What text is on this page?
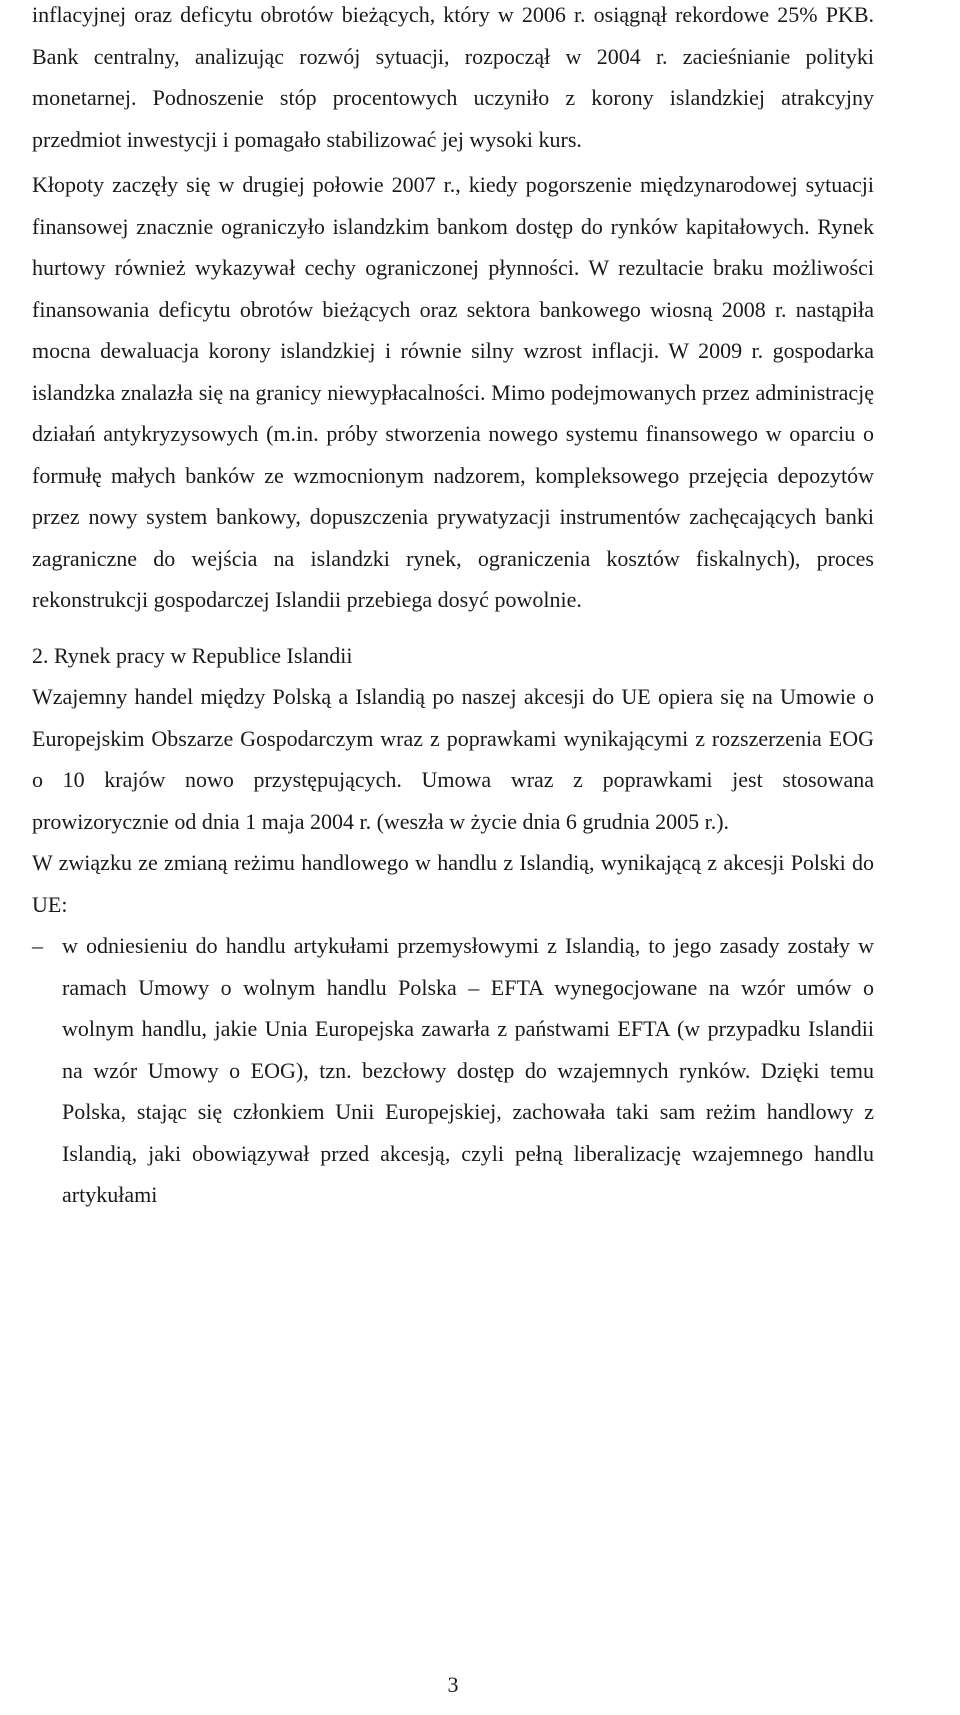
inflacyjnej oraz deficytu obrotów bieżących, który w 2006 r. osiągnął rekordowe 25% PKB. Bank centralny, analizując rozwój sytuacji, rozpoczął w 2004 r. zacieśnianie polityki monetarnej. Podnoszenie stóp procentowych uczyniło z korony islandzkiej atrakcyjny przedmiot inwestycji i pomagało stabilizować jej wysoki kurs.

Kłopoty zaczęły się w drugiej połowie 2007 r., kiedy pogorszenie międzynarodowej sytuacji finansowej znacznie ograniczyło islandzkim bankom dostęp do rynków kapitałowych. Rynek hurtowy również wykazywał cechy ograniczonej płynności. W rezultacie braku możliwości finansowania deficytu obrotów bieżących oraz sektora bankowego wiosną 2008 r. nastąpiła mocna dewaluacja korony islandzkiej i równie silny wzrost inflacji. W 2009 r. gospodarka islandzka znalazła się na granicy niewypłacalności. Mimo podejmowanych przez administrację działań antykryzysowych (m.in. próby stworzenia nowego systemu finansowego w oparciu o formułę małych banków ze wzmocnionym nadzorem, kompleksowego przejęcia depozytów przez nowy system bankowy, dopuszczenia prywatyzacji instrumentów zachęcających banki zagraniczne do wejścia na islandzki rynek, ograniczenia kosztów fiskalnych), proces rekonstrukcji gospodarczej Islandii przebiega dosyć powolnie.

2. Rynek pracy w Republice Islandii

Wzajemny handel między Polską a Islandią po naszej akcesji do UE opiera się na Umowie o Europejskim Obszarze Gospodarczym wraz z poprawkami wynikającymi z rozszerzenia EOG o 10 krajów nowo przystępujących. Umowa wraz z poprawkami jest stosowana prowizorycznie od dnia 1 maja 2004 r. (weszła w życie dnia 6 grudnia 2005 r.).

W związku ze zmianą reżimu handlowego w handlu z Islandią, wynikającą z akcesji Polski do UE:

– w odniesieniu do handlu artykułami przemysłowymi z Islandią, to jego zasady zostały w ramach Umowy o wolnym handlu Polska – EFTA wynegocjowane na wzór umów o wolnym handlu, jakie Unia Europejska zawarła z państwami EFTA (w przypadku Islandii na wzór Umowy o EOG), tzn. bezcłowy dostęp do wzajemnych rynków. Dzięki temu Polska, stając się członkiem Unii Europejskiej, zachowała taki sam reżim handlowy z Islandią, jaki obowiązywał przed akcesją, czyli pełną liberalizację wzajemnego handlu artykułami

3
